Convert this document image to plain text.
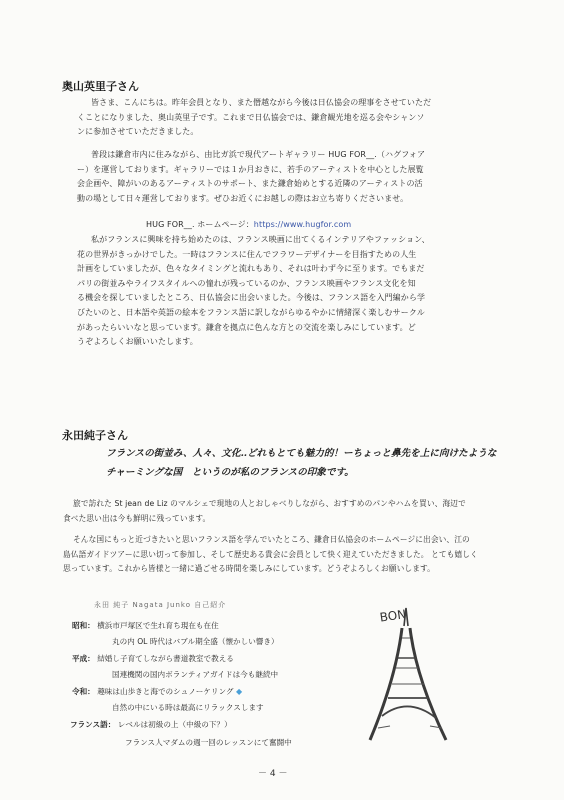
奥山英里子さん
皆さま、こんにちは。昨年会員となり、また僭越ながら今後は日仏協会の理事をさせていただ
くことになりました、奥山英里子です。これまで日仏協会では、鎌倉観光地を巡る会やシャンソ
ンに参加させていただきました。
普段は鎌倉市内に住みながら、由比ガ浜で現代アートギャラリー HUG FOR__.（ハグフォア
ー）を運営しております。ギャラリーでは１か月おきに、若手のアーティストを中心とした展覧
会企画や、障がいのあるアーティストのサポート、また鎌倉始めとする近隣のアーティストの活
動の場として日々運営しております。ぜひお近くにお越しの際はお立ち寄りくださいませ。
HUG FOR__. ホームページ：https://www.hugfor.com
私がフランスに興味を持ち始めたのは、フランス映画に出てくるインテリアやファッション、
花の世界がきっかけでした。一時はフランスに住んでフラワーデザイナーを目指すための人生
計画をしていましたが、色々なタイミングと流れもあり、それは叶わず今に至ります。でもまだ
パリの街並みやライフスタイルへの憧れが残っているのか、フランス映画やフランス文化を知
る機会を探していましたところ、日仏協会に出会いました。今後は、フランス語を入門編から学
びたいのと、日本語や英語の絵本をフランス語に訳しながらゆるやかに情緒深く楽しむサークル
があったらいいなと思っています。鎌倉を拠点に色んな方との交流を楽しみにしています。ど
うぞよろしくお願いいたします。
永田純子さん
フランスの街並み、人々、文化‥どれもとても魅力的！ーちょっと鼻先を上に向けたような
チャーミングな国　というのが私のフランスの印象です。
旅で訪れた St jean de Liz のマルシェで現地の人とおしゃべりしながら、おすすめのパンやハムを買い、海辺で
食べた思い出は今も鮮明に残っています。
そんな国にもっと近づきたいと思いフランス語を学んでいたところ、鎌倉日仏協会のホームページに出会い、江の
島仏語ガイドツアーに思い切って参加し、そして歴史ある貴会に会員として快く迎えていただきました。 とても嬉しく
思っています。これから皆様と一緒に過ごせる時間を楽しみにしています。どうぞよろしくお願いします。
永田 純子 Nagata Junko 自己紹介
昭和： 横浜市戸塚区で生れ育ち現在も在住
丸の内 OL 時代はバブル期全盛（懐かしい響き）
平成： 結婚し子育てしながら書道教室で教える
国連機関の国内ボランティアガイドは今も継続中
令和： 趣味は山歩きと海でのシュノーケリング ◆
自然の中にいる時は最高にリラックスします
フランス語： レベルは初級の上（中級の下？）
フランス人マダムの週一回のレッスンにて奮闘中
BON
－ 4 －
